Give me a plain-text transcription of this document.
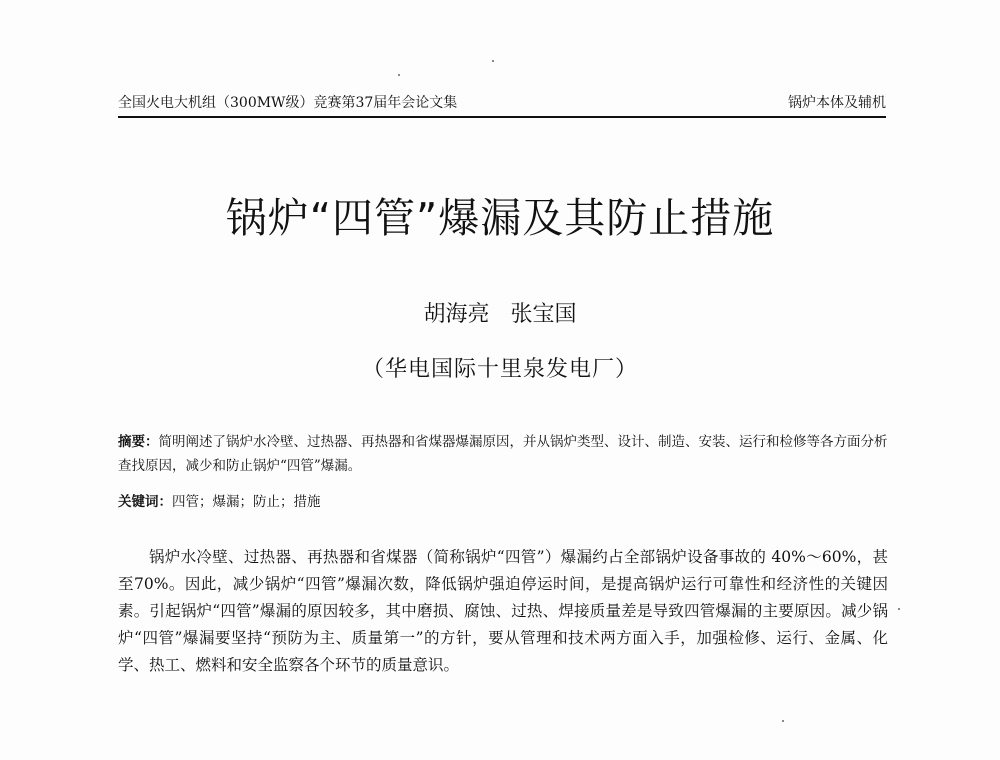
全国火电大机组（300MW级）竞赛第37届年会论文集	锅炉本体及辅机
锅炉“四管”爆漏及其防止措施
胡海亮   张宝国
（华电国际十里泉发电厂）
摘要：简明阐述了锅炉水冷壁、过热器、再热器和省煤器爆漏原因，并从锅炉类型、设计、制造、安装、运行和检修等各方面分析查找原因，减少和防止锅炉“四管”爆漏。
关键词：四管；爆漏；防止；措施
锅炉水冷壁、过热器、再热器和省煤器（简称锅炉“四管”）爆漏约占全部锅炉设备事故的 40%～60%，甚至70%。因此，减少锅炉“四管”爆漏次数，降低锅炉强迫停运时间，是提高锅炉运行可靠性和经济性的关键因素。引起锅炉“四管”爆漏的原因较多，其中磨损、腐蚀、过热、焊接质量差是导致四管爆漏的主要原因。减少锅炉“四管”爆漏要坚持“预防为主、质量第一”的方针，要从管理和技术两方面入手，加强检修、运行、金属、化学、热工、燃料和安全监察各个环节的质量意识。
